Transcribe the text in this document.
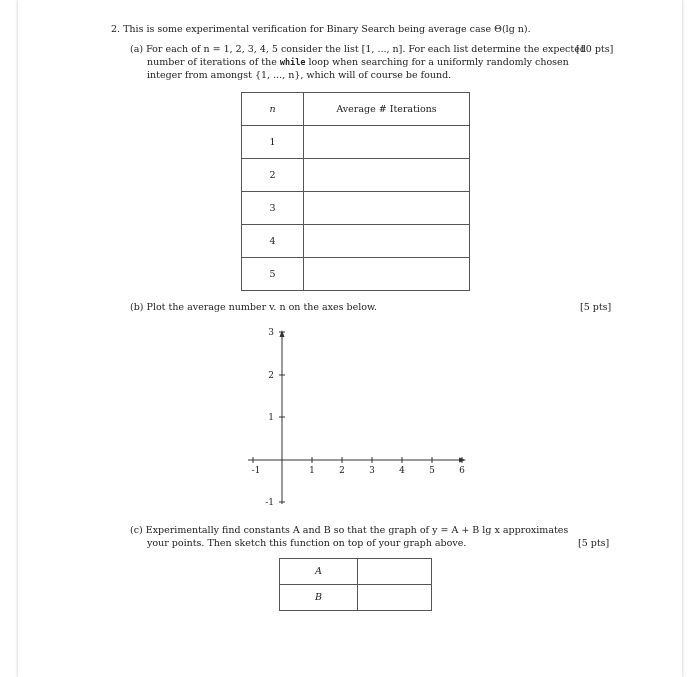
2. This is some experimental verification for Binary Search being average case Θ(lg n).
(a) For each of n = 1, 2, 3, 4, 5 consider the list [1, ..., n]. For each list determine the expected
[10 pts]
number of iterations of the while loop when searching for a uniformly randomly chosen
integer from amongst {1, ..., n}, which will of course be found.
n	Average # Iterations
1	
2	
3	
4	
5	
(b) Plot the average number v. n on the axes below.	[5 pts]
-1	1	2	3	4	5	6
3
2
1
-1
(c) Experimentally find constants A and B so that the graph of y = A + B lg x approximates
your points. Then sketch this function on top of your graph above.	[5 pts]
A	
B	
